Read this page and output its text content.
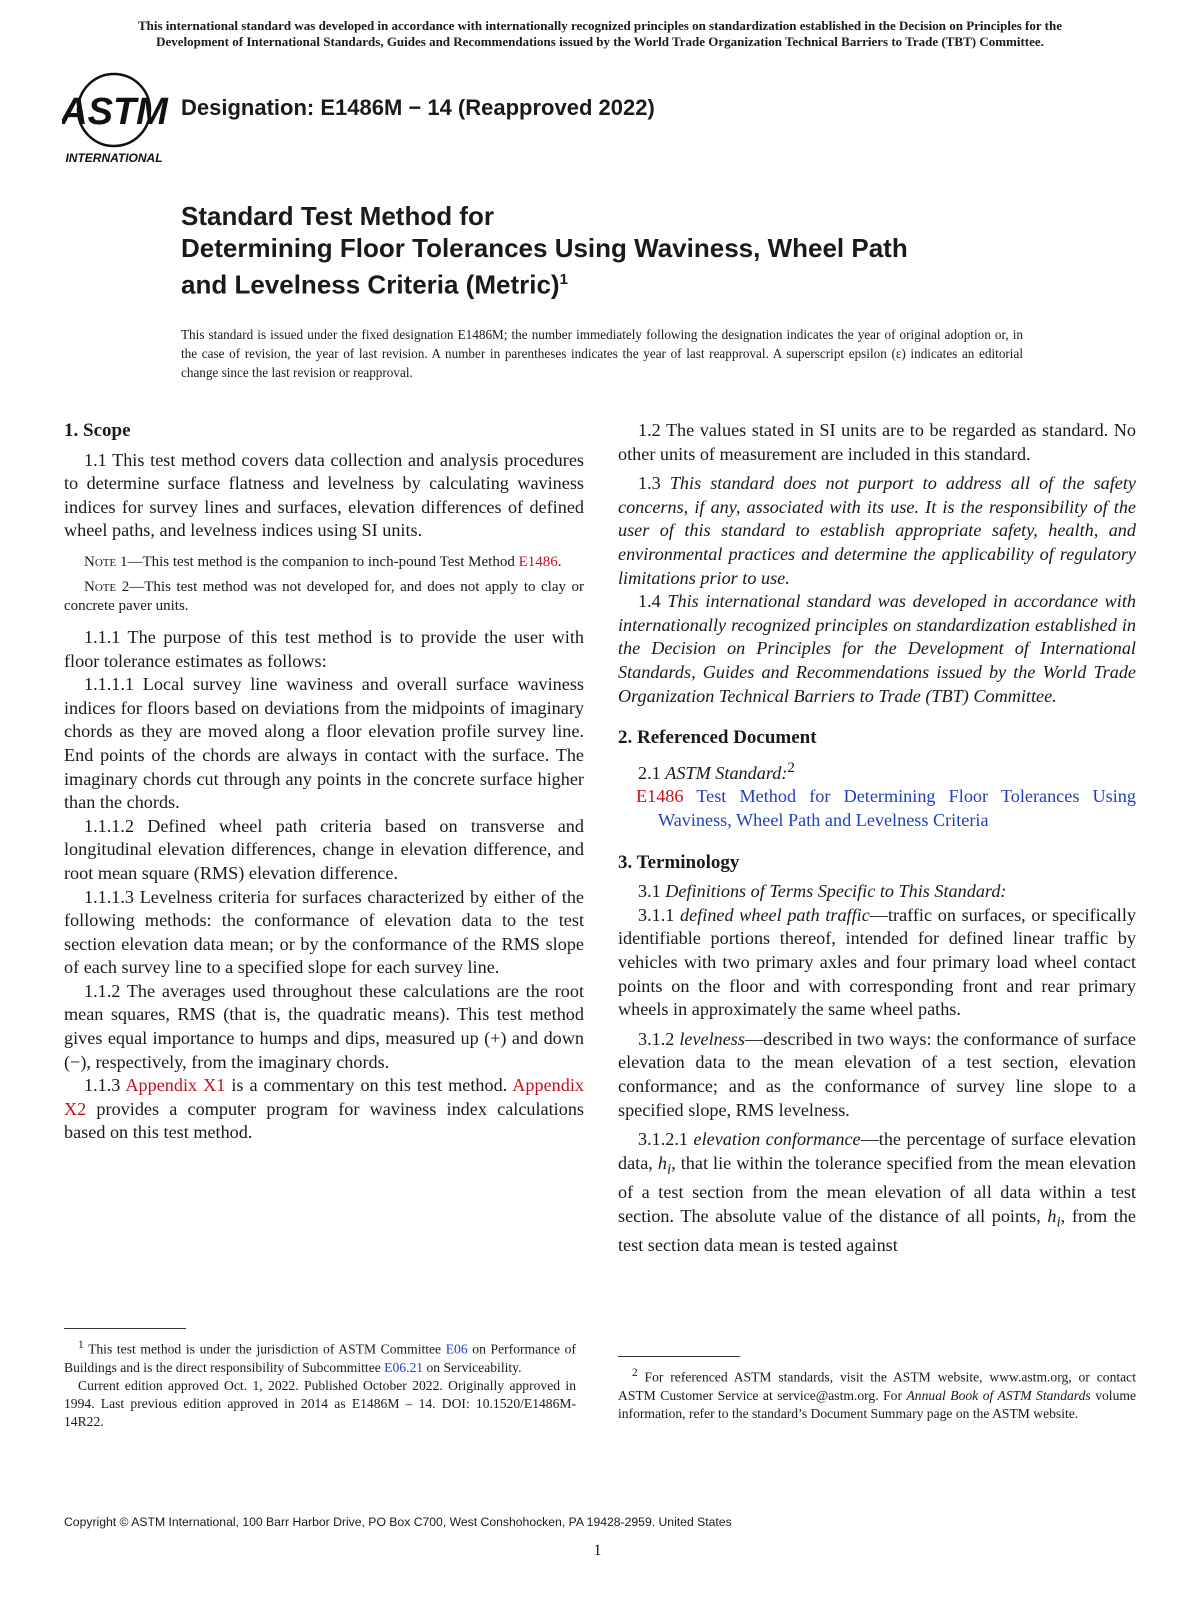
This international standard was developed in accordance with internationally recognized principles on standardization established in the Decision on Principles for the
Development of International Standards, Guides and Recommendations issued by the World Trade Organization Technical Barriers to Trade (TBT) Committee.
ASTM
INTERNATIONAL
Designation: E1486M − 14 (Reapproved 2022)
Standard Test Method for
Determining Floor Tolerances Using Waviness, Wheel Path
and Levelness Criteria (Metric)$^1$
This standard is issued under the fixed designation E1486M; the number immediately following the designation indicates the year of original adoption or, in the case of revision, the year of last revision. A number in parentheses indicates the year of last reapproval. A superscript epsilon (ε) indicates an editorial change since the last revision or reapproval.

1. Scope

1.1 This test method covers data collection and analysis procedures to determine surface flatness and levelness by calculating waviness indices for survey lines and surfaces, elevation differences of defined wheel paths, and levelness indices using SI units.

Note 1—This test method is the companion to inch-pound Test Method E1486.

Note 2—This test method was not developed for, and does not apply to clay or concrete paver units.

1.1.1 The purpose of this test method is to provide the user with floor tolerance estimates as follows:

1.1.1.1 Local survey line waviness and overall surface waviness indices for floors based on deviations from the midpoints of imaginary chords as they are moved along a floor elevation profile survey line. End points of the chords are always in contact with the surface. The imaginary chords cut through any points in the concrete surface higher than the chords.

1.1.1.2 Defined wheel path criteria based on transverse and longitudinal elevation differences, change in elevation difference, and root mean square (RMS) elevation difference.

1.1.1.3 Levelness criteria for surfaces characterized by either of the following methods: the conformance of elevation data to the test section elevation data mean; or by the conformance of the RMS slope of each survey line to a specified slope for each survey line.

1.1.2 The averages used throughout these calculations are the root mean squares, RMS (that is, the quadratic means). This test method gives equal importance to humps and dips, measured up (+) and down (−), respectively, from the imaginary chords.

1.1.3 Appendix X1 is a commentary on this test method. Appendix X2 provides a computer program for waviness index calculations based on this test method.

1.2 The values stated in SI units are to be regarded as standard. No other units of measurement are included in this standard.

1.3 This standard does not purport to address all of the safety concerns, if any, associated with its use. It is the responsibility of the user of this standard to establish appropriate safety, health, and environmental practices and determine the applicability of regulatory limitations prior to use.

1.4 This international standard was developed in accordance with internationally recognized principles on standardization established in the Decision on Principles for the Development of International Standards, Guides and Recommendations issued by the World Trade Organization Technical Barriers to Trade (TBT) Committee.

2. Referenced Document

2.1 ASTM Standard:$^2$

E1486 Test Method for Determining Floor Tolerances Using Waviness, Wheel Path and Levelness Criteria

3. Terminology

3.1 Definitions of Terms Specific to This Standard:

3.1.1 defined wheel path traffic—traffic on surfaces, or specifically identifiable portions thereof, intended for defined linear traffic by vehicles with two primary axles and four primary load wheel contact points on the floor and with corresponding front and rear primary wheels in approximately the same wheel paths.

3.1.2 levelness—described in two ways: the conformance of surface elevation data to the mean elevation of a test section, elevation conformance; and as the conformance of survey line slope to a specified slope, RMS levelness.

3.1.2.1 elevation conformance—the percentage of surface elevation data, $h_i$, that lie within the tolerance specified from the mean elevation of a test section from the mean elevation of all data within a test section. The absolute value of the distance of all points, $h_i$, from the test section data mean is tested against

$^1$ This test method is under the jurisdiction of ASTM Committee E06 on Performance of Buildings and is the direct responsibility of Subcommittee E06.21 on Serviceability.

Current edition approved Oct. 1, 2022. Published October 2022. Originally approved in 1994. Last previous edition approved in 2014 as E1486M – 14. DOI: 10.1520/E1486M-14R22.

$^2$ For referenced ASTM standards, visit the ASTM website, www.astm.org, or contact ASTM Customer Service at service@astm.org. For Annual Book of ASTM Standards volume information, refer to the standard’s Document Summary page on the ASTM website.

Copyright © ASTM International, 100 Barr Harbor Drive, PO Box C700, West Conshohocken, PA 19428-2959. United States
1
